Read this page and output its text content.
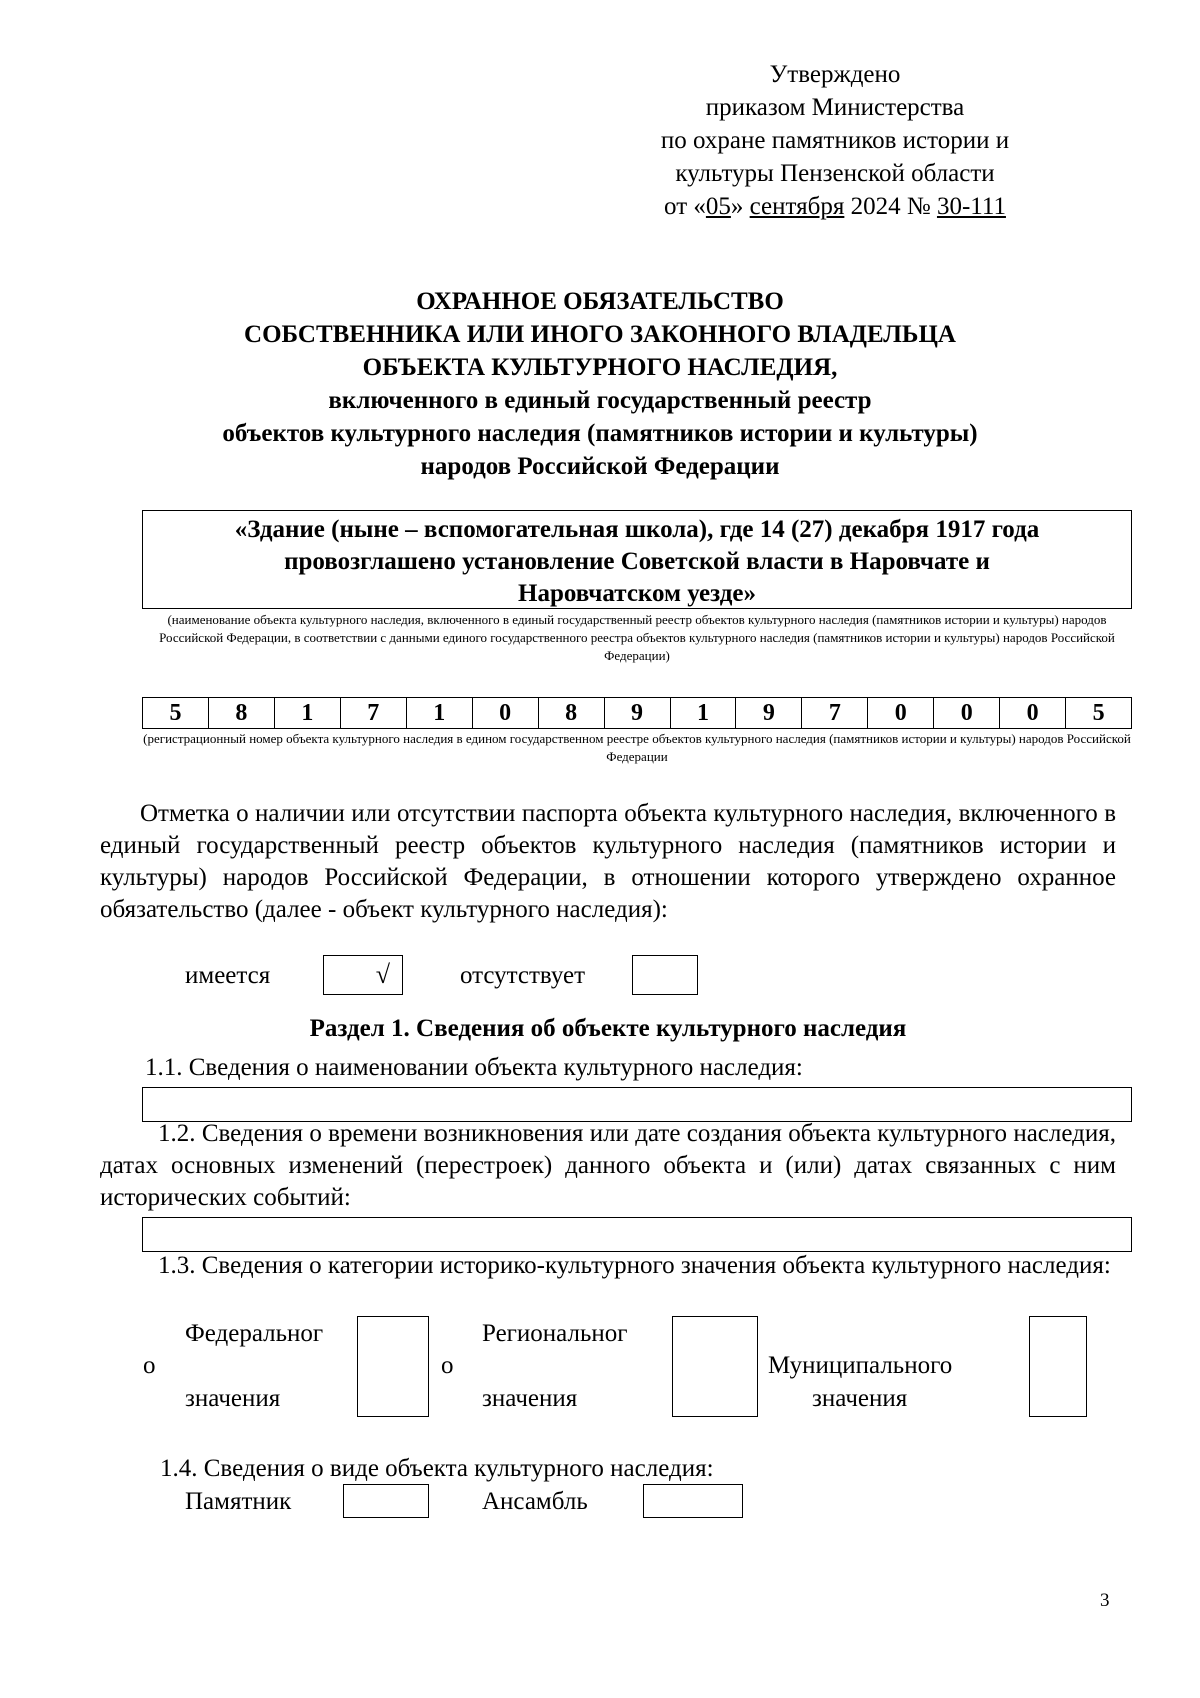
Утверждено
приказом Министерства
по охране памятников истории и
культуры Пензенской области
от «05» сентября 2024 № 30-111
ОХРАННОЕ ОБЯЗАТЕЛЬСТВО
СОБСТВЕННИКА ИЛИ ИНОГО ЗАКОННОГО ВЛАДЕЛЬЦА
ОБЪЕКТА КУЛЬТУРНОГО НАСЛЕДИЯ,
включенного в единый государственный реестр
объектов культурного наследия (памятников истории и культуры)
народов Российской Федерации
«Здание (ныне – вспомогательная школа), где 14 (27) декабря 1917 года
провозглашено установление Советской власти в Наровчате и
Наровчатском уезде»
(наименование объекта культурного наследия, включенного в единый государственный реестр объектов культурного наследия (памятников истории и культуры) народов Российской Федерации, в соответствии с данными единого государственного реестра объектов культурного наследия (памятников истории и культуры) народов Российской Федерации)
5	8	1	7	1	0	8	9	1	9	7	0	0	0	5
(регистрационный номер объекта культурного наследия в едином государственном реестре объектов культурного наследия (памятников истории и культуры) народов Российской Федерации
Отметка о наличии или отсутствии паспорта объекта культурного наследия, включенного в единый государственный реестр объектов культурного наследия (памятников истории и культуры) народов Российской Федерации, в отношении которого утверждено охранное обязательство (далее - объект культурного наследия):
имеется	√	отсутствует
Раздел 1. Сведения об объекте культурного наследия
1.1. Сведения о наименовании объекта культурного наследия:
1.2. Сведения о времени возникновения или дате создания объекта культурного наследия, датах основных изменений (перестроек) данного объекта и (или) датах связанных с ним исторических событий:
1.3. Сведения о категории историко-культурного значения объекта культурного наследия:
Федеральног
о
значения
Региональног
о
значения
Муниципального
значения
1.4. Сведения о виде объекта культурного наследия:
Памятник	Ансамбль
3
